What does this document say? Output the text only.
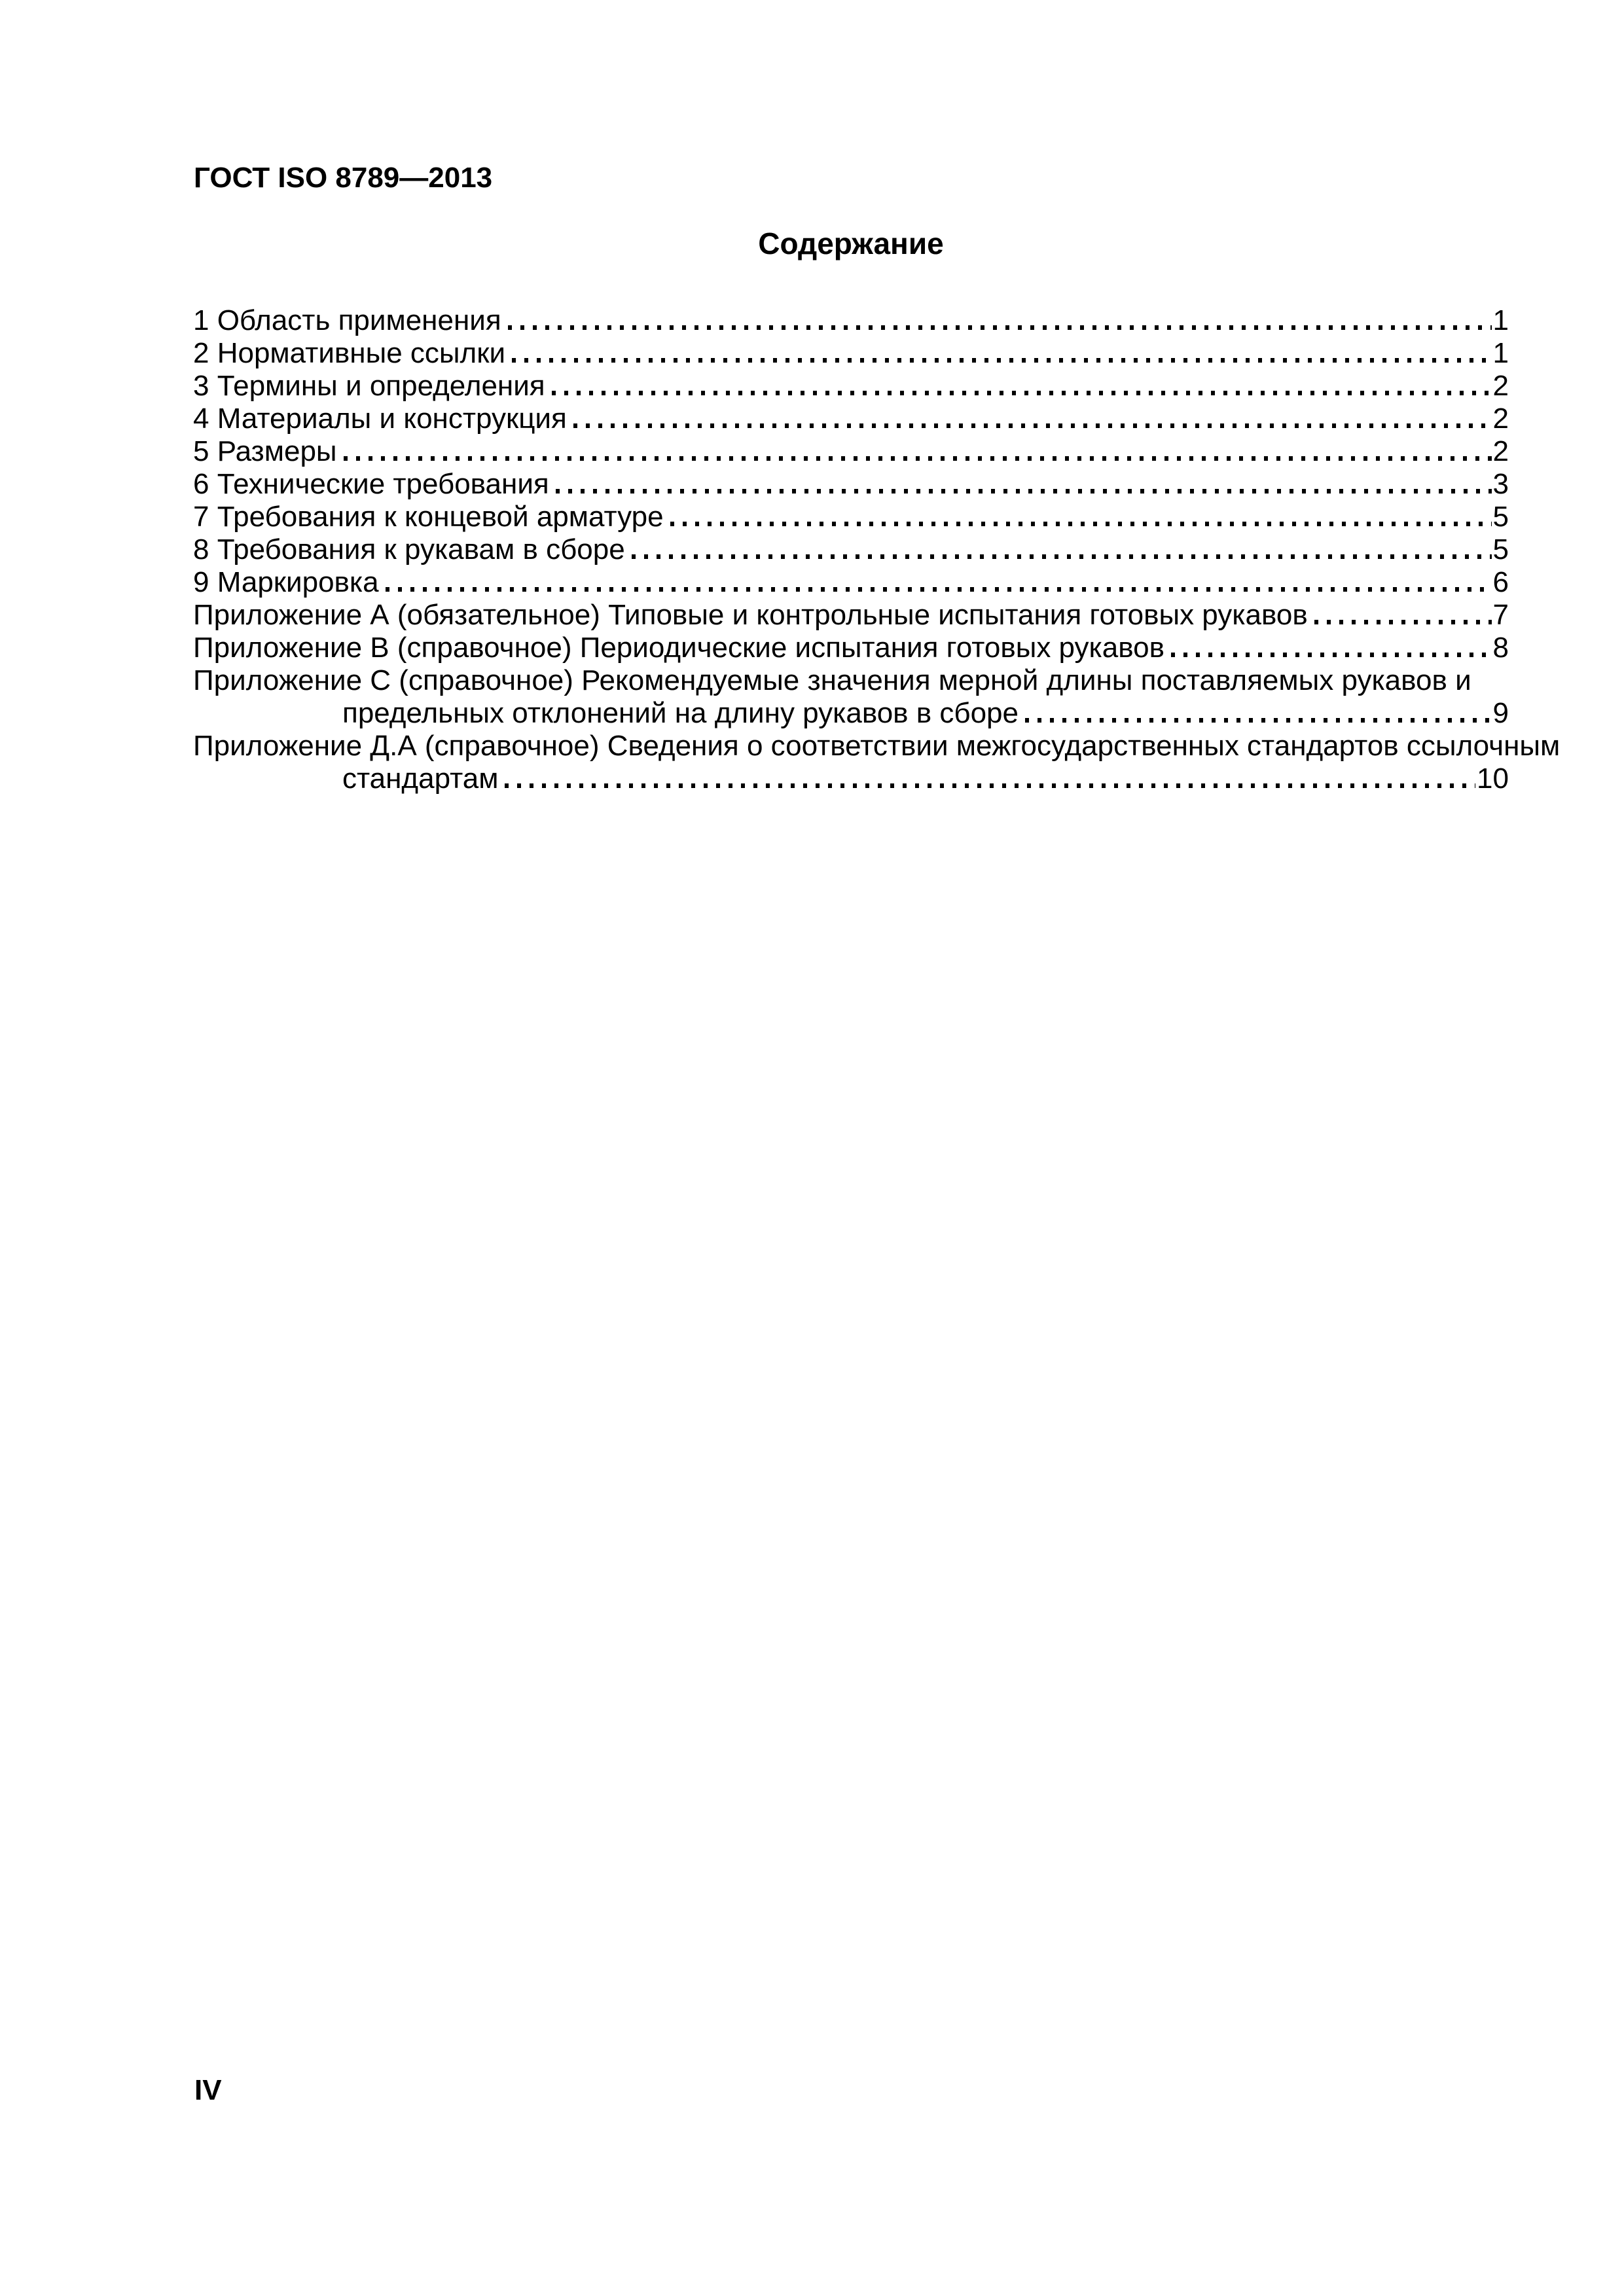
ГОСТ ISO 8789—2013
Содержание
1 Область применения	1
2 Нормативные ссылки	1
3 Термины и определения	2
4 Материалы и конструкция	2
5 Размеры	2
6 Технические требования	3
7 Требования к концевой арматуре	5
8 Требования к рукавам в сборе	5
9 Маркировка	6
Приложение А (обязательное) Типовые и контрольные испытания готовых рукавов	7
Приложение В (справочное) Периодические испытания готовых рукавов	8
Приложение С (справочное) Рекомендуемые значения мерной длины поставляемых рукавов и
предельных отклонений на длину рукавов в сборе	9
Приложение Д.А (справочное) Сведения о соответствии межгосударственных стандартов ссылочным
стандартам	10
IV
